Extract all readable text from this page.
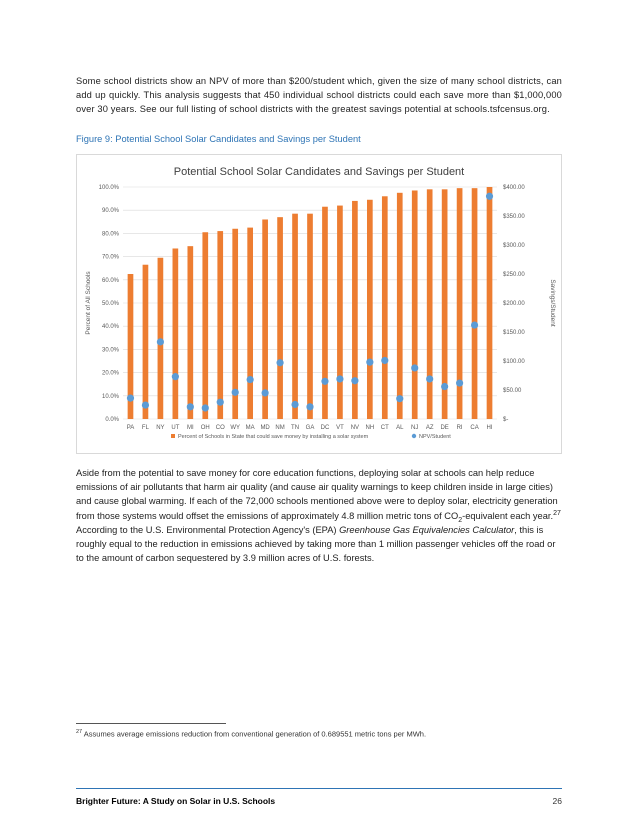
Some school districts show an NPV of more than $200/student which, given the size of many school districts, can add up quickly. This analysis suggests that 450 individual school districts could each save more than $1,000,000 over 30 years. See our full listing of school districts with the greatest savings potential at schools.tsfcensus.org.

Figure 9: Potential School Solar Candidates and Savings per Student

Potential School Solar Candidates and Savings per Student
0.0%
10.0%
20.0%
30.0%
40.0%
50.0%
60.0%
70.0%
80.0%
90.0%
100.0%
$-
$50.00
$100.00
$150.00
$200.00
$250.00
$300.00
$350.00
$400.00
Percent of All Schools	Savings/Student
PA FL NY UT MI OH CO WY MA MD NM TN GA DC VT NV NH CT AL NJ AZ DE RI CA HI
Percent of Schools in State that could save money by installing a solar system	NPV/Student

Aside from the potential to save money for core education functions, deploying solar at schools can help reduce emissions of air pollutants that harm air quality (and cause air quality warnings to keep children inside in large cities) and cause global warming. If each of the 72,000 schools mentioned above were to deploy solar, electricity generation from those systems would offset the emissions of approximately 4.8 million metric tons of $CO_2$-equivalent each year.$^{27}$ According to the U.S. Environmental Protection Agency's (EPA) Greenhouse Gas Equivalencies Calculator, this is roughly equal to the reduction in emissions achieved by taking more than 1 million passenger vehicles off the road or to the amount of carbon sequestered by 3.9 million acres of U.S. forests.

$^{27}$ Assumes average emissions reduction from conventional generation of 0.689551 metric tons per MWh.

Brighter Future: A Study on Solar in U.S. Schools	26
